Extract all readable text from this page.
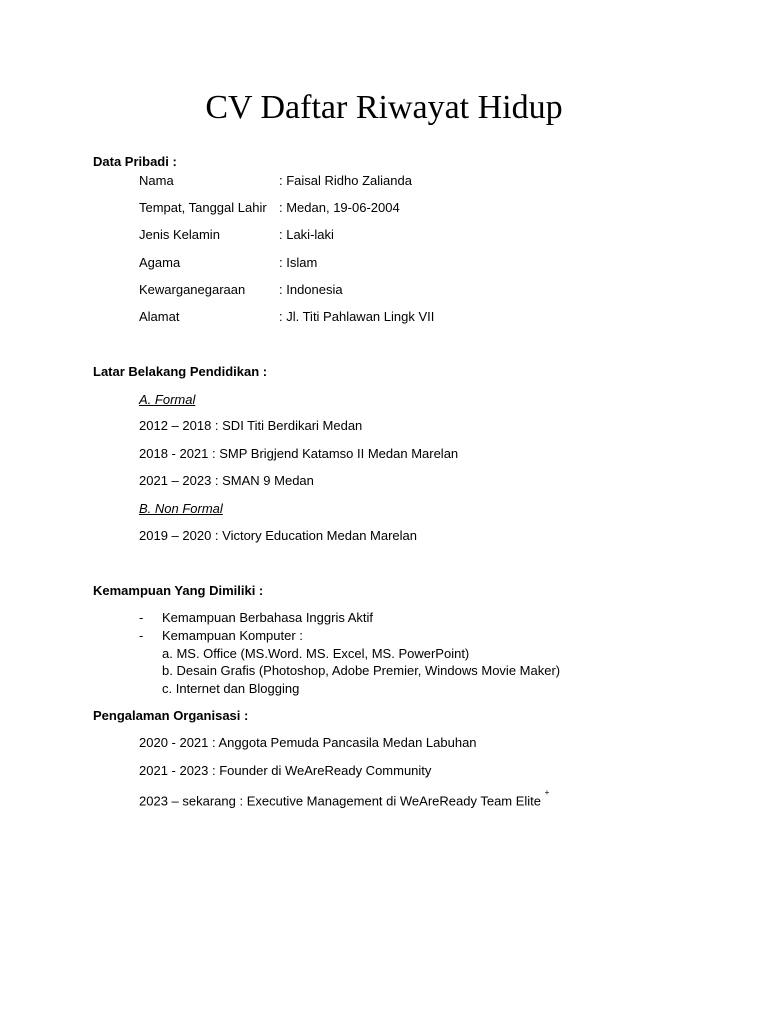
CV Daftar Riwayat Hidup
Data Pribadi :
Nama	: Faisal Ridho Zalianda
Tempat, Tanggal Lahir : Medan, 19-06-2004
Jenis Kelamin	: Laki-laki
Agama	: Islam
Kewarganegaraan	: Indonesia
Alamat	: Jl. Titi Pahlawan Lingk VII
Latar Belakang Pendidikan :
A. Formal
2012 – 2018 : SDI Titi Berdikari Medan
2018 - 2021 : SMP Brigjend Katamso II Medan Marelan
2021 – 2023 : SMAN 9 Medan
B. Non Formal
2019 – 2020 : Victory Education Medan Marelan
Kemampuan Yang Dimiliki :
- Kemampuan Berbahasa Inggris Aktif
- Kemampuan Komputer :
a. MS. Office (MS.Word. MS. Excel, MS. PowerPoint)
b. Desain Grafis (Photoshop, Adobe Premier, Windows Movie Maker)
c. Internet dan Blogging
Pengalaman Organisasi :
2020 - 2021 : Anggota Pemuda Pancasila Medan Labuhan
2021 - 2023 : Founder di WeAreReady Community
2023 – sekarang : Executive Management di WeAreReady Team Elite +
